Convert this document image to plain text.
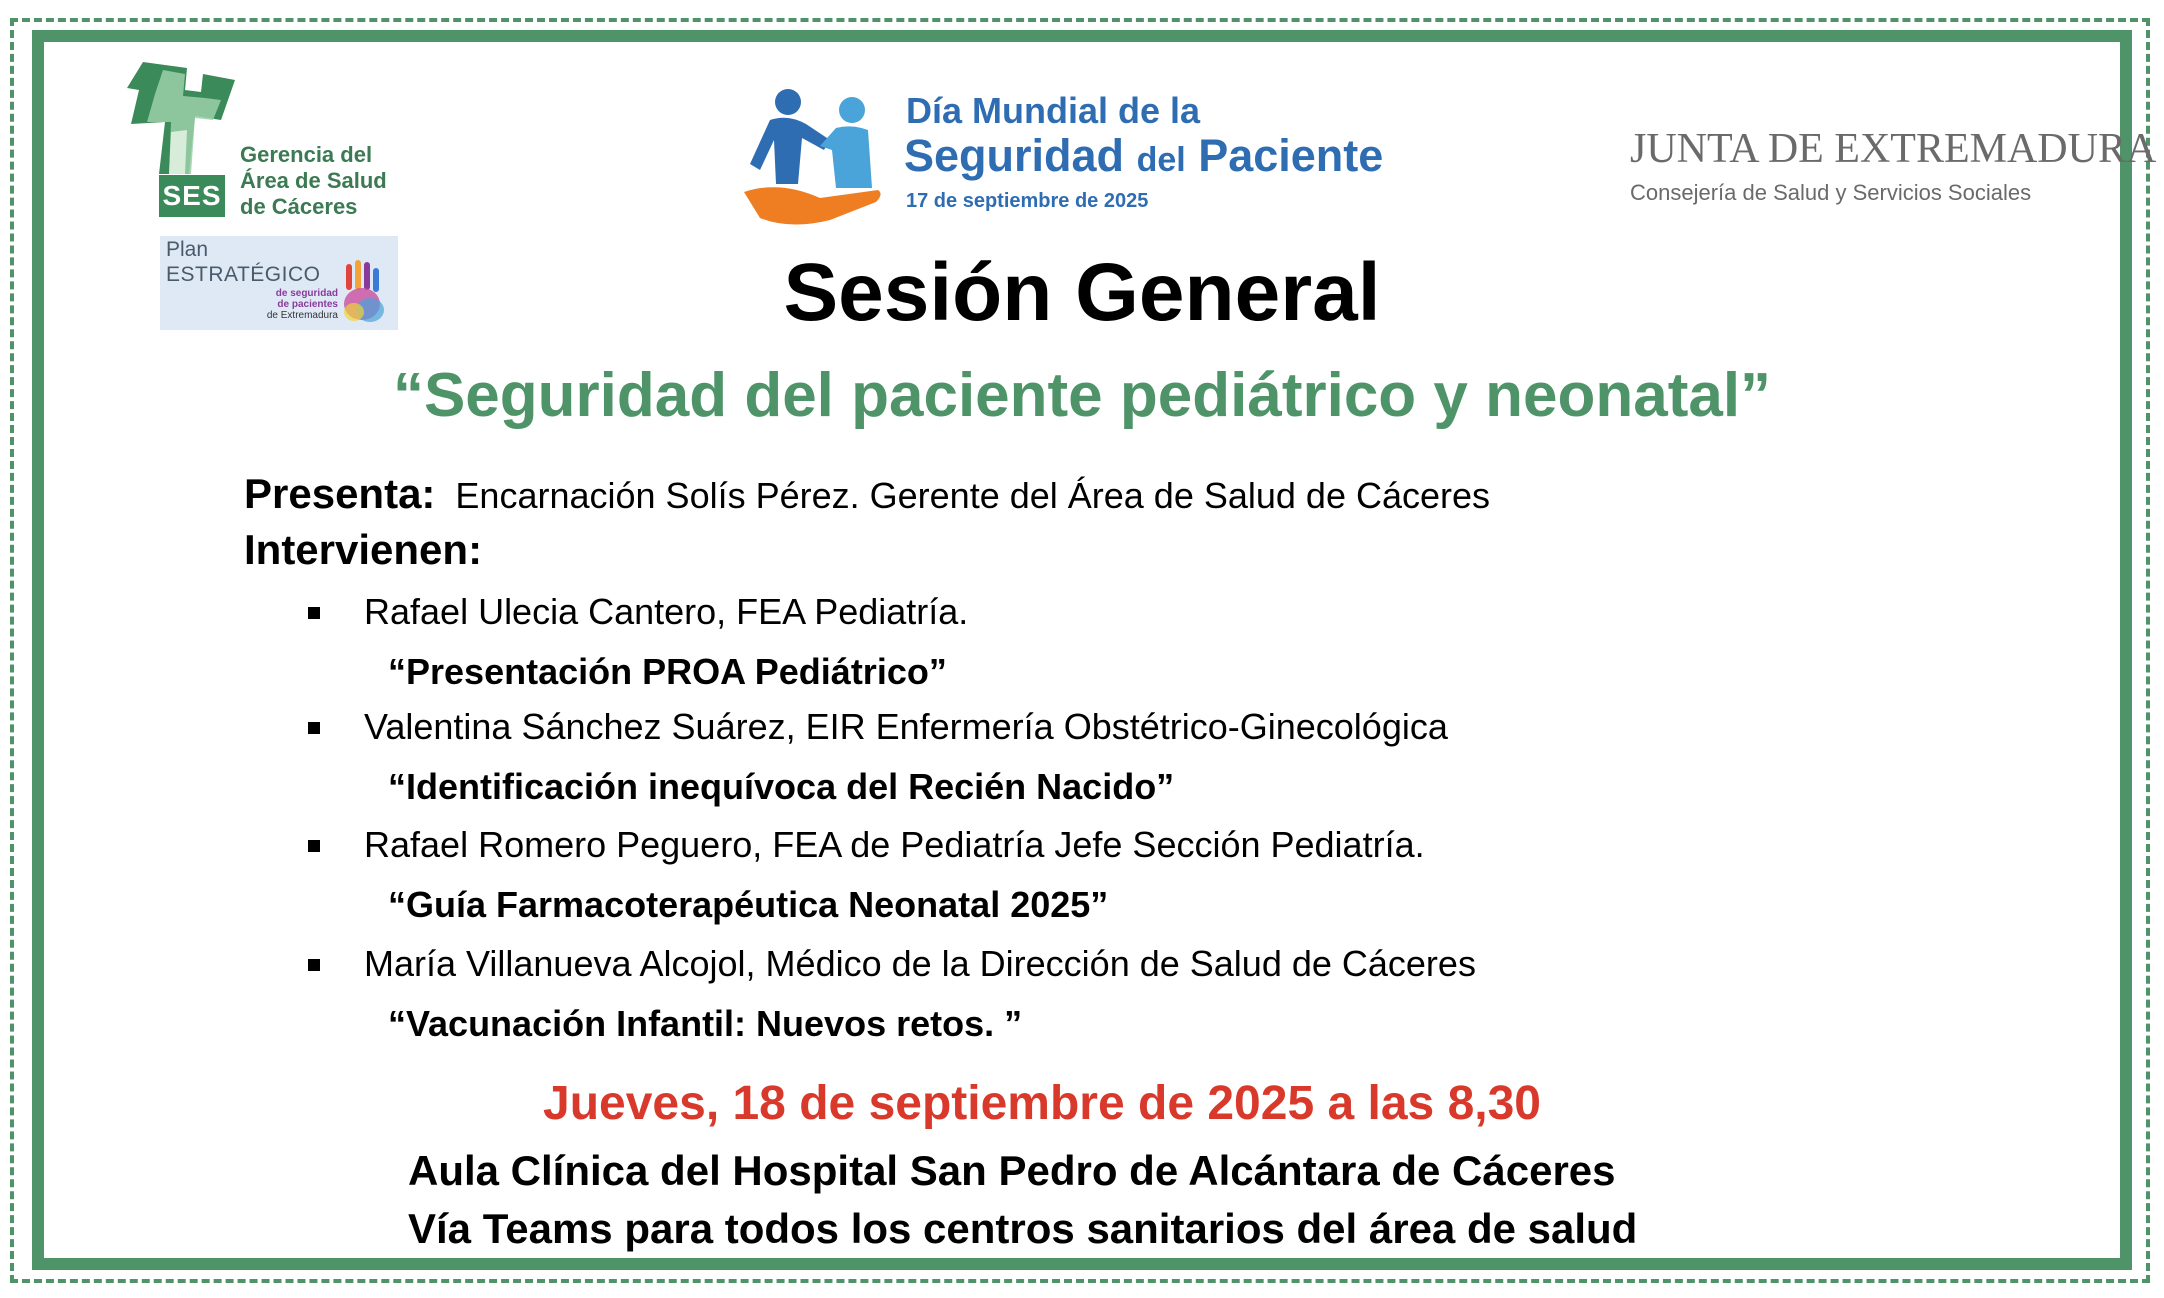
SES
Gerencia del
Área de Salud
de Cáceres
Plan
ESTRATÉGICO
de seguridad
de pacientes
de Extremadura
Día Mundial de la
Seguridad del Paciente
17 de septiembre de 2025
JUNTA DE EXTREMADURA
Consejería de Salud y Servicios Sociales
Sesión General
“Seguridad del paciente pediátrico y neonatal”
Presenta: Encarnación Solís Pérez. Gerente del Área de Salud de Cáceres
Intervienen:
Rafael Ulecia Cantero, FEA Pediatría.
“Presentación PROA Pediátrico”
Valentina Sánchez Suárez, EIR Enfermería Obstétrico-Ginecológica
“Identificación inequívoca del Recién Nacido”
Rafael Romero Peguero, FEA de Pediatría Jefe Sección Pediatría.
“Guía Farmacoterapéutica Neonatal 2025”
María Villanueva Alcojol, Médico de la Dirección de Salud de Cáceres
“Vacunación Infantil: Nuevos retos. ”
Jueves, 18 de septiembre de 2025 a las 8,30
Aula Clínica del Hospital San Pedro de Alcántara de Cáceres
Vía Teams para todos los centros sanitarios del área de salud
